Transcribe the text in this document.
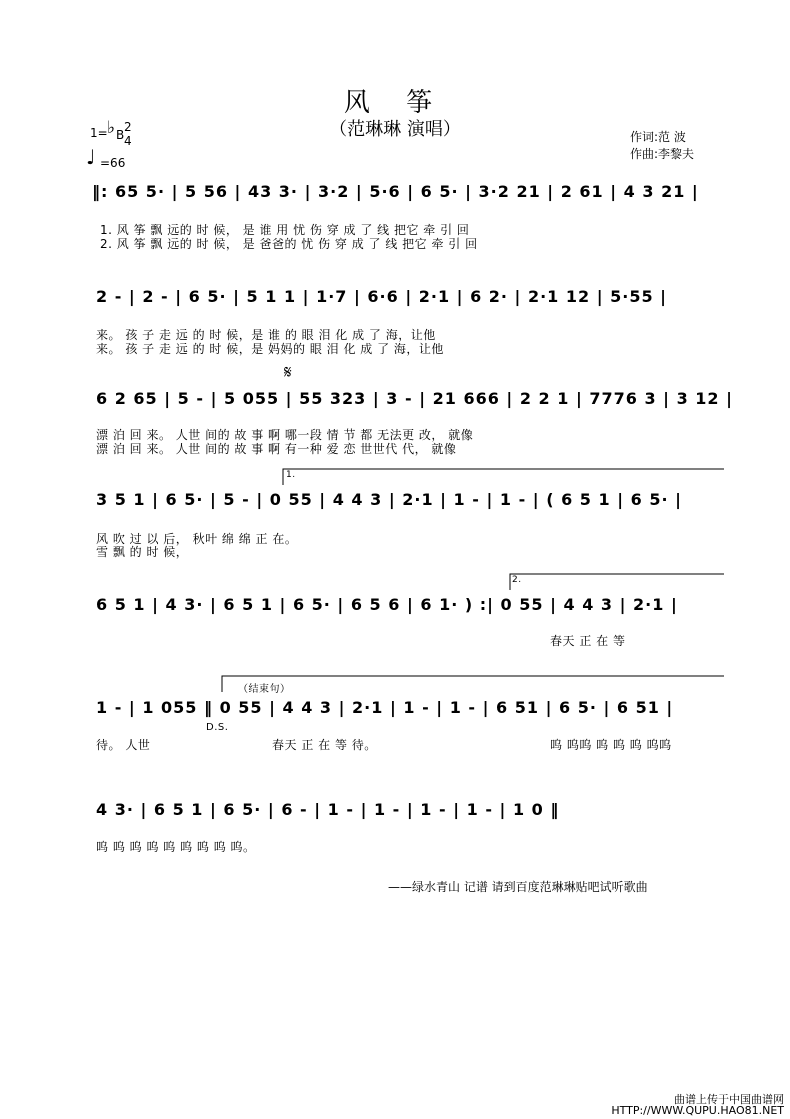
风 筝
（范琳琳 演唱）	作词:范 波
作曲:李黎夫
1= ♭ B
2
4
♩ =66
‖: 65 5· | 5 56 | 43 3· | 3·2 | 5·6 | 6 5· | 3·2 21 | 2 61 | 4 3 21 |
1. 风 筝 飘 远的 时 候， 是 谁 用 忧 伤 穿 成 了 线 把它 牵 引 回
2. 风 筝 飘 远的 时 候， 是 爸爸的 忧 伤 穿 成 了 线 把它 牵 引 回
2 - | 2 - | 6 5· | 5 1 1 | 1·7 | 6·6 | 2·1 | 6 2· | 2·1 12 | 5·55 |
来。 孩 子 走 远 的 时 候，是 谁 的 眼 泪 化 成 了 海，让他
来。 孩 子 走 远 的 时 候，是 妈妈的 眼 泪 化 成 了 海，让他
𝄋
6 2 65 | 5 - | 5 055 | 55 323 | 3 - | 21 666 | 2 2 1 | 7776 3 | 3 12 |
漂 泊 回 来。 人世 间的 故 事 啊 哪一段 情 节 都 无法更 改， 就像
漂 泊 回 来。 人世 间的 故 事 啊 有一种 爱 恋 世世代 代， 就像
1.
3 5 1 | 6 5· | 5 - | 0 55 | 4 4 3 | 2·1 | 1 - | 1 - | ( 6 5 1 | 6 5· |
风 吹 过 以 后， 秋叶 绵 绵 正 在。
雪 飘 的 时 候，
2.
6 5 1 | 4 3· | 6 5 1 | 6 5· | 6 5 6 | 6 1· ) :| 0 55 | 4 4 3 | 2·1 |
春天 正 在 等
（结束句）
1 - | 1 055 ‖ 0 55 | 4 4 3 | 2·1 | 1 - | 1 - | 6 51 | 6 5· | 6 51 |
D.S.
待。 人世	春天 正 在 等 待。	呜 呜呜 呜 呜 呜 呜呜
4 3· | 6 5 1 | 6 5· | 6 - | 1 - | 1 - | 1 - | 1 - | 1 0 ‖
呜 呜 呜 呜 呜 呜 呜 呜 呜。
——绿水青山 记谱 请到百度范琳琳贴吧试听歌曲
曲谱上传于中国曲谱网
HTTP://WWW.QUPU.HAO81.NET
